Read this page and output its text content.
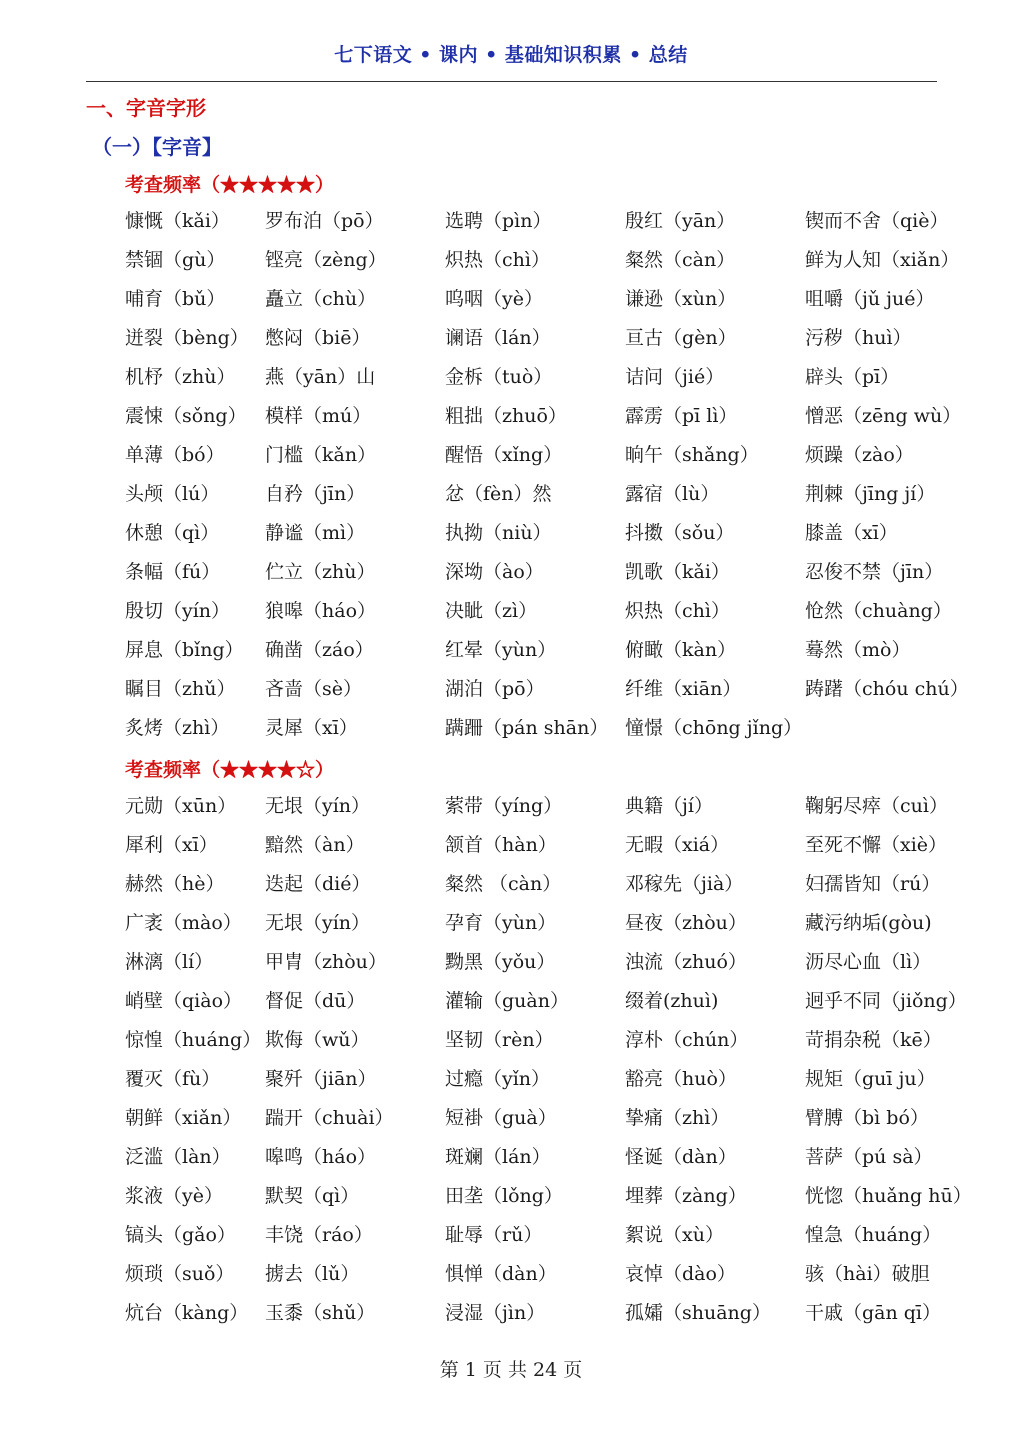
七下语文 • 课内 • 基础知识积累 • 总结
一、字音字形
（一）【字音】
考查频率（★★★★★）
慷慨（kǎi）	罗布泊（pō）	选聘（pìn）	殷红（yān）	锲而不舍（qiè）
禁锢（gù）	铿亮（zèng）	炽热（chì）	粲然（càn）	鲜为人知（xiǎn）
哺育（bǔ）	矗立（chù）	呜咽（yè）	谦逊（xùn）	咀嚼（jǔ jué）
迸裂（bèng） 憋闷（biē）	谰语（lán）	亘古（gèn）	污秽（huì）
机杼（zhù）	燕（yān）山	金柝（tuò）	诘问（jié）	辟头（pī）
震悚（sǒng） 模样（mú）	粗拙（zhuō）	霹雳（pī lì）	憎恶（zēng wù）
单薄（bó）	门槛（kǎn）	醒悟（xǐng）	晌午（shǎng）	烦躁（zào）
头颅（lú）	自矜（jīn）	忿（fèn）然	露宿（lù）	荆棘（jīng jí）
休憩（qì）	静谧（mì）	执拗（niù）	抖擞（sǒu）	膝盖（xī）
条幅（fú）	伫立（zhù）	深坳（ào）	凯歌（kǎi）	忍俊不禁（jīn）
殷切（yín）	狼嗥（háo）	决眦（zì）	炽热（chì）	怆然（chuàng）
屏息（bǐng）	确凿（záo）	红晕（yùn）	俯瞰（kàn）	蓦然（mò）
瞩目（zhǔ）	吝啬（sè）	湖泊（pō）	纤维（xiān）	踌躇（chóu chú）
炙烤（zhì）	灵犀（xī）	蹒跚（pán shān） 憧憬（chōng jǐng）
考查频率（★★★★☆）
元勋（xūn）	无垠（yín）	萦带（yíng）	典籍（jí）	鞠躬尽瘁（cuì）
犀利（xī）	黯然（àn）	颔首（hàn）	无暇（xiá）	至死不懈（xiè）
赫然（hè）	迭起（dié）	粲然 （càn）	邓稼先（jià）	妇孺皆知（rú）
广袤（mào）	无垠（yín）	孕育（yùn）	昼夜（zhòu）	藏污纳垢(gòu)
淋漓（lí）	甲胄（zhòu）	黝黑（yǒu）	浊流（zhuó）	沥尽心血（lì）
峭壁（qiào）	督促（dū）	灌输（guàn）	缀着(zhuì)	迥乎不同（jiǒng）
惊惶（huáng） 欺侮（wǔ）	坚韧（rèn）	淳朴（chún）	苛捐杂税（kē）
覆灭（fù）	聚歼（jiān）	过瘾（yǐn）	豁亮（huò）	规矩（guī ju）
朝鲜（xiǎn）	踹开（chuài）	短褂（guà）	挚痛（zhì）	臂膊（bì bó）
泛滥（làn）	嗥鸣（háo）	斑斓（lán）	怪诞（dàn）	菩萨（pú sà）
浆液（yè）	默契（qì）	田垄（lǒng）	埋葬（zàng）	恍惚（huǎng hū）
镐头（gǎo）	丰饶（ráo）	耻辱（rǔ）	絮说（xù）	惶急（huáng）
烦琐（suǒ）	掳去（lǔ）	惧惮（dàn）	哀悼（dào）	骇（hài）破胆
炕台（kàng） 玉黍（shǔ）	浸湿（jìn）	孤孀（shuāng）	干戚（gān qī）
第 1 页 共 24 页
